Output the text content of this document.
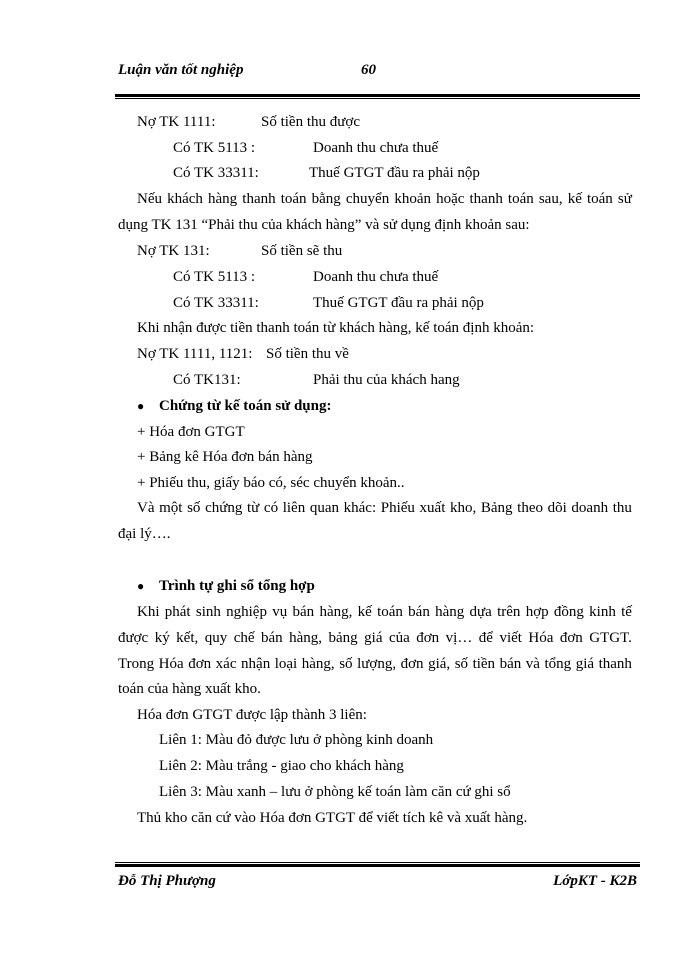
Luận văn tốt nghiệp	60
Nợ TK 1111:	Số tiền thu được
Có TK 5113 :	Doanh thu chưa thuế
Có TK 33311:	Thuế GTGT đầu ra phải nộp
Nếu khách hàng thanh toán bằng chuyển khoản hoặc thanh toán sau, kế toán sử
dụng TK 131 “Phải thu của khách hàng” và sử dụng định khoản sau:
Nợ TK 131:	Số tiền sẽ thu
Có TK 5113 :	Doanh thu chưa thuế
Có TK 33311:	Thuế GTGT đầu ra phải nộp
Khi nhận được tiền thanh toán từ khách hàng, kế toán định khoản:
Nợ TK 1111, 1121: Số tiền thu về
Có TK131:	Phải thu của khách hang
● Chứng từ kế toán sử dụng:
+ Hóa đơn GTGT
+ Bảng kê Hóa đơn bán hàng
+ Phiếu thu, giấy báo có, séc chuyển khoản..
Và một số chứng từ có liên quan khác: Phiếu xuất kho, Bảng theo dõi doanh thu
đại lý….
● Trình tự ghi sổ tổng hợp
Khi phát sinh nghiệp vụ bán hàng, kế toán bán hàng dựa trên hợp đồng kinh tế
được ký kết, quy chế bán hàng, bảng giá của đơn vị… để viết Hóa đơn GTGT.
Trong Hóa đơn xác nhận loại hàng, số lượng, đơn giá, số tiền bán và tổng giá thanh
toán của hàng xuất kho.
Hóa đơn GTGT được lập thành 3 liên:
Liên 1: Màu đỏ được lưu ở phòng kinh doanh
Liên 2: Màu trắng - giao cho khách hàng
Liên 3: Màu xanh – lưu ở phòng kế toán làm căn cứ ghi sổ
Thủ kho căn cứ vào Hóa đơn GTGT để viết tích kê và xuất hàng.
Đỗ Thị Phượng	LớpKT - K2B
